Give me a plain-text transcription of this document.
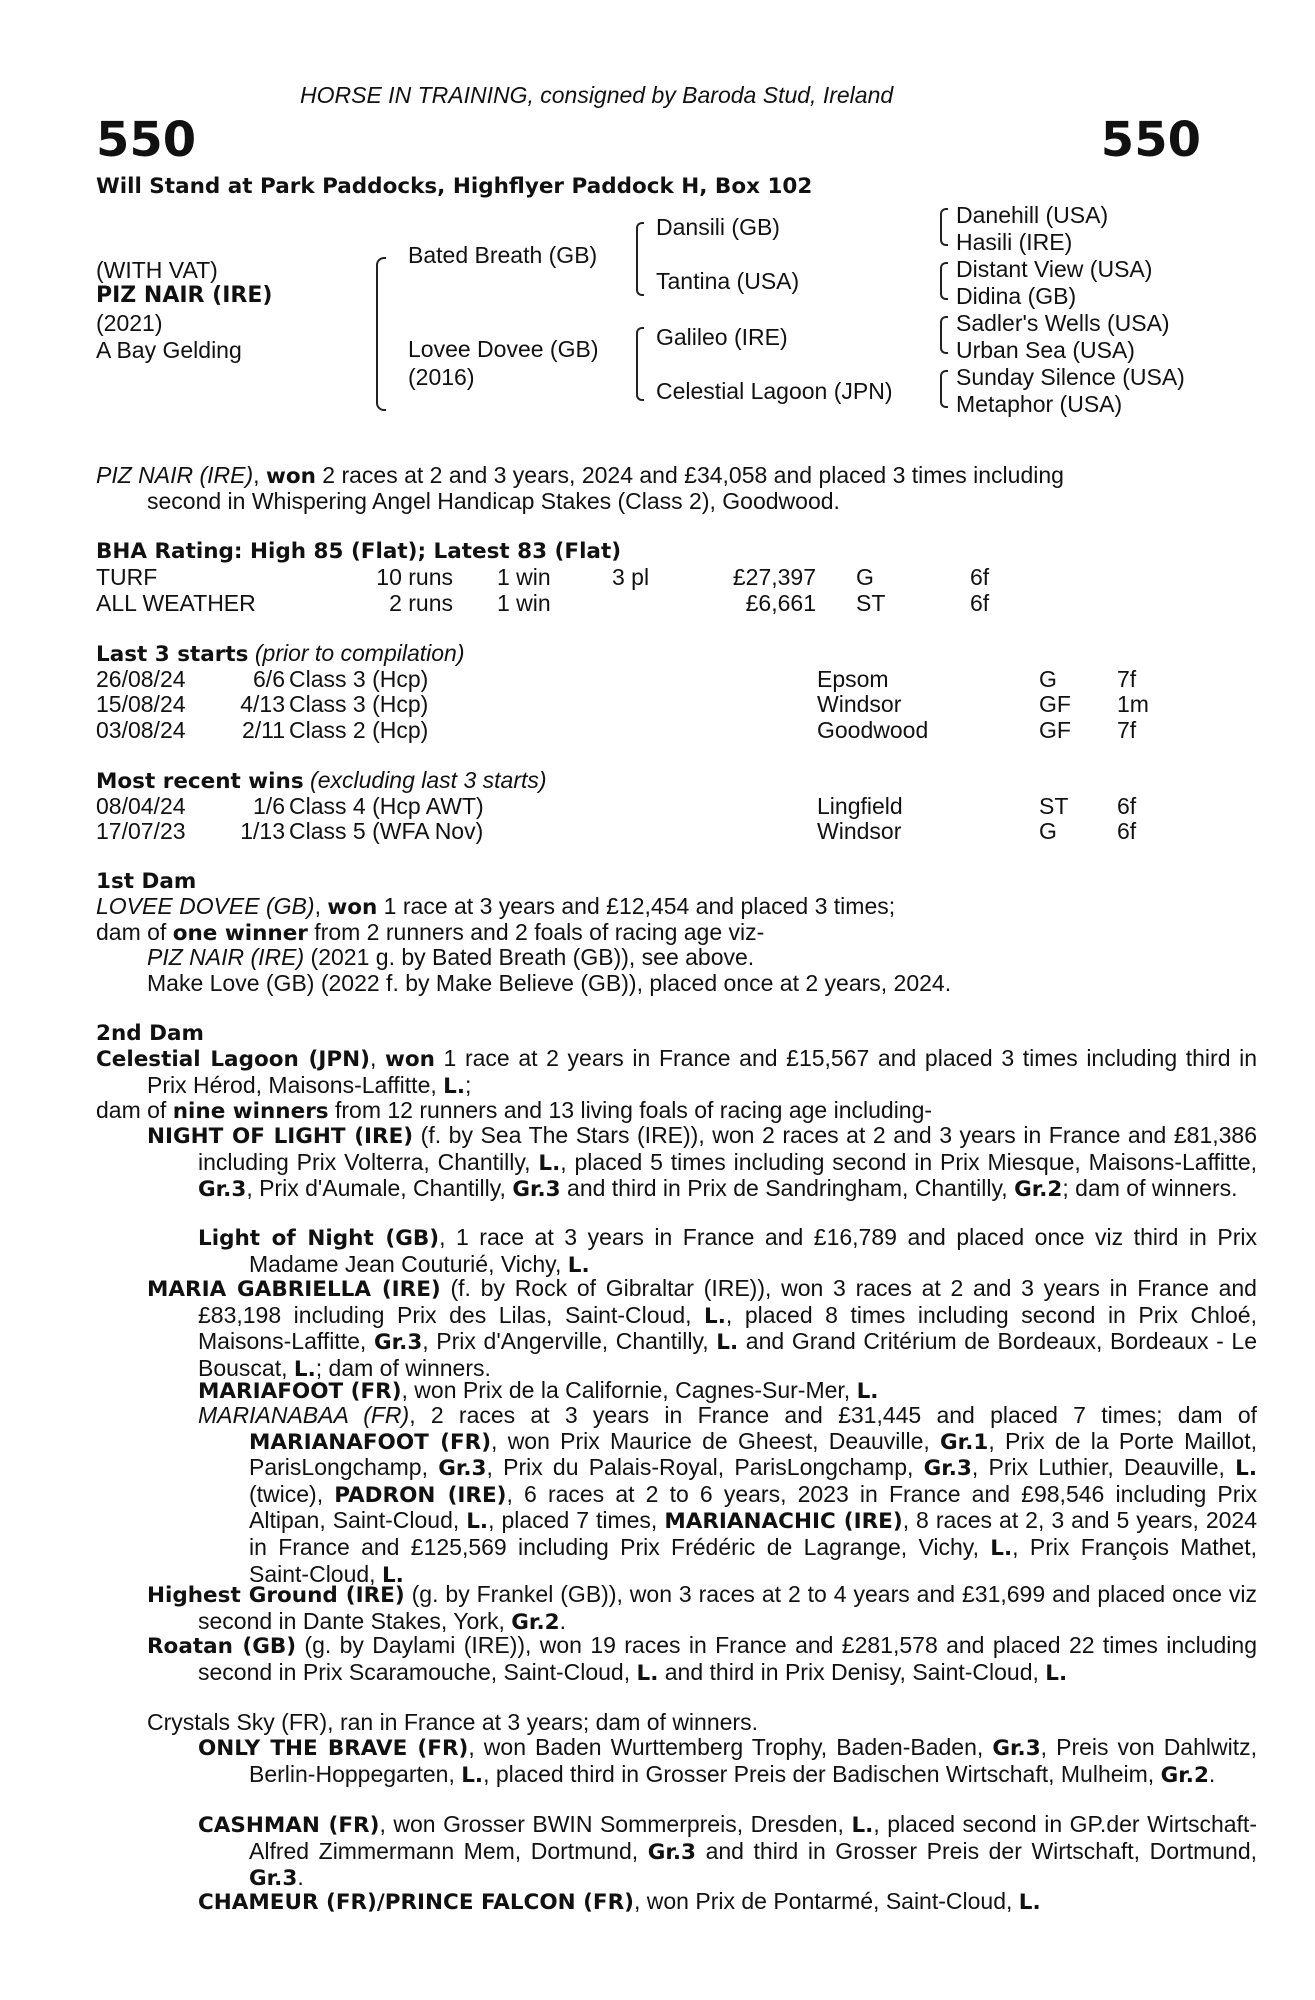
HORSE IN TRAINING, consigned by Baroda Stud, Ireland
550	550
Will Stand at Park Paddocks, Highflyer Paddock H, Box 102
(WITH VAT)
PIZ NAIR (IRE)
(2021)
A Bay Gelding
Bated Breath (GB)
Lovee Dovee (GB)
(2016)
Dansili (GB)
Tantina (USA)
Galileo (IRE)
Celestial Lagoon (JPN)
Danehill (USA)
Hasili (IRE)
Distant View (USA)
Didina (GB)
Sadler's Wells (USA)
Urban Sea (USA)
Sunday Silence (USA)
Metaphor (USA)
PIZ NAIR (IRE), won 2 races at 2 and 3 years, 2024 and £34,058 and placed 3 times including
second in Whispering Angel Handicap Stakes (Class 2), Goodwood.
BHA Rating: High 85 (Flat); Latest 83 (Flat)
TURF	10 runs 1 win	3 pl	£27,397 G	6f
ALL WEATHER	2 runs 1 win	£6,661 ST	6f
Last 3 starts (prior to compilation)
26/08/24	6/6 Class 3 (Hcp)	Epsom	G	7f
15/08/24 4/13 Class 3 (Hcp)	Windsor	GF 1m
03/08/24 2/11 Class 2 (Hcp)	Goodwood	GF 7f
Most recent wins (excluding last 3 starts)
08/04/24	1/6 Class 4 (Hcp AWT)	Lingfield	ST 6f
17/07/23 1/13 Class 5 (WFA Nov)	Windsor	G	6f
1st Dam
LOVEE DOVEE (GB), won 1 race at 3 years and £12,454 and placed 3 times;
dam of one winner from 2 runners and 2 foals of racing age viz-
PIZ NAIR (IRE) (2021 g. by Bated Breath (GB)), see above.
Make Love (GB) (2022 f. by Make Believe (GB)), placed once at 2 years, 2024.
2nd Dam
Celestial Lagoon (JPN), won 1 race at 2 years in France and £15,567 and placed 3 times including third in Prix Hérod, Maisons-Laffitte, L.;
dam of nine winners from 12 runners and 13 living foals of racing age including-
NIGHT OF LIGHT (IRE) (f. by Sea The Stars (IRE)), won 2 races at 2 and 3 years in France and £81,386 including Prix Volterra, Chantilly, L., placed 5 times including second in Prix Miesque, Maisons-Laffitte, Gr.3, Prix d'Aumale, Chantilly, Gr.3 and third in Prix de Sandringham, Chantilly, Gr.2; dam of winners.
Light of Night (GB), 1 race at 3 years in France and £16,789 and placed once viz third in Prix Madame Jean Couturié, Vichy, L.
MARIA GABRIELLA (IRE) (f. by Rock of Gibraltar (IRE)), won 3 races at 2 and 3 years in France and £83,198 including Prix des Lilas, Saint-Cloud, L., placed 8 times including second in Prix Chloé, Maisons-Laffitte, Gr.3, Prix d'Angerville, Chantilly, L. and Grand Critérium de Bordeaux, Bordeaux - Le Bouscat, L.; dam of winners.
MARIAFOOT (FR), won Prix de la Californie, Cagnes-Sur-Mer, L.
MARIANABAA (FR), 2 races at 3 years in France and £31,445 and placed 7 times; dam of MARIANAFOOT (FR), won Prix Maurice de Gheest, Deauville, Gr.1, Prix de la Porte Maillot, ParisLongchamp, Gr.3, Prix du Palais-Royal, ParisLongchamp, Gr.3, Prix Luthier, Deauville, L. (twice), PADRON (IRE), 6 races at 2 to 6 years, 2023 in France and £98,546 including Prix Altipan, Saint-Cloud, L., placed 7 times, MARIANACHIC (IRE), 8 races at 2, 3 and 5 years, 2024 in France and £125,569 including Prix Frédéric de Lagrange, Vichy, L., Prix François Mathet, Saint-Cloud, L.
Highest Ground (IRE) (g. by Frankel (GB)), won 3 races at 2 to 4 years and £31,699 and placed once viz second in Dante Stakes, York, Gr.2.
Roatan (GB) (g. by Daylami (IRE)), won 19 races in France and £281,578 and placed 22 times including second in Prix Scaramouche, Saint-Cloud, L. and third in Prix Denisy, Saint-Cloud, L.
Crystals Sky (FR), ran in France at 3 years; dam of winners.
ONLY THE BRAVE (FR), won Baden Wurttemberg Trophy, Baden-Baden, Gr.3, Preis von Dahlwitz, Berlin-Hoppegarten, L., placed third in Grosser Preis der Badischen Wirtschaft, Mulheim, Gr.2.
CASHMAN (FR), won Grosser BWIN Sommerpreis, Dresden, L., placed second in GP.der Wirtschaft-Alfred Zimmermann Mem, Dortmund, Gr.3 and third in Grosser Preis der Wirtschaft, Dortmund, Gr.3.
CHAMEUR (FR)/PRINCE FALCON (FR), won Prix de Pontarmé, Saint-Cloud, L.
